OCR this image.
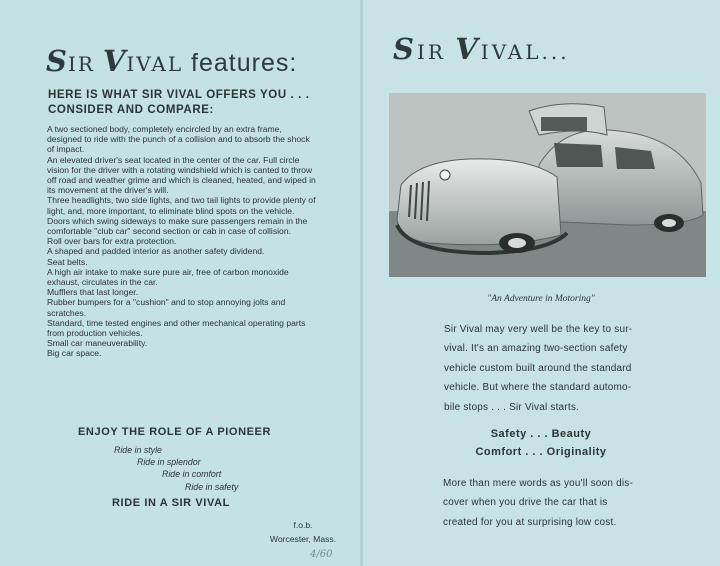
SIR VIVAL features:
HERE IS WHAT SIR VIVAL OFFERS YOU . . . CONSIDER AND COMPARE:

A two sectioned body, completely encircled by an extra frame, designed to ride with the punch of a collision and to absorb the shock of impact.

An elevated driver's seat located in the center of the car. Full circle vision for the driver with a rotating windshield which is canted to throw off road and weather grime and which is cleaned, heated, and wiped in its movement at the driver's will.

Three headlights, two side lights, and two tail lights to provide plenty of light, and, more important, to eliminate blind spots on the vehicle.

Doors which swing sideways to make sure passengers remain in the comfortable "club car" second section or cab in case of collision.

Roll over bars for extra protection.

A shaped and padded interior as another safety dividend.

Seat belts.

A high air intake to make sure pure air, free of carbon monoxide exhaust, circulates in the car.

Mufflers that last longer.

Rubber bumpers for a "cushion" and to stop annoying jolts and scratches.

Standard, time tested engines and other mechanical operating parts from production vehicles.

Small car maneuverability.

Big car space.

ENJOY THE ROLE OF A PIONEER
Ride in style
Ride in splendor
Ride in comfort
Ride in safety
RIDE IN A SIR VIVAL
f.o.b.
Worcester, Mass.
4/60
SIR VIVAL...
"An Adventure in Motoring"
Sir Vival may very well be the key to sur-
vival. It's an amazing two-section safety
vehicle custom built around the standard
vehicle. But where the standard automo-
bile stops . . . Sir Vival starts.
Safety . . . Beauty
Comfort . . . Originality
More than mere words as you'll soon dis-
cover when you drive the car that is
created for you at surprising low cost.
